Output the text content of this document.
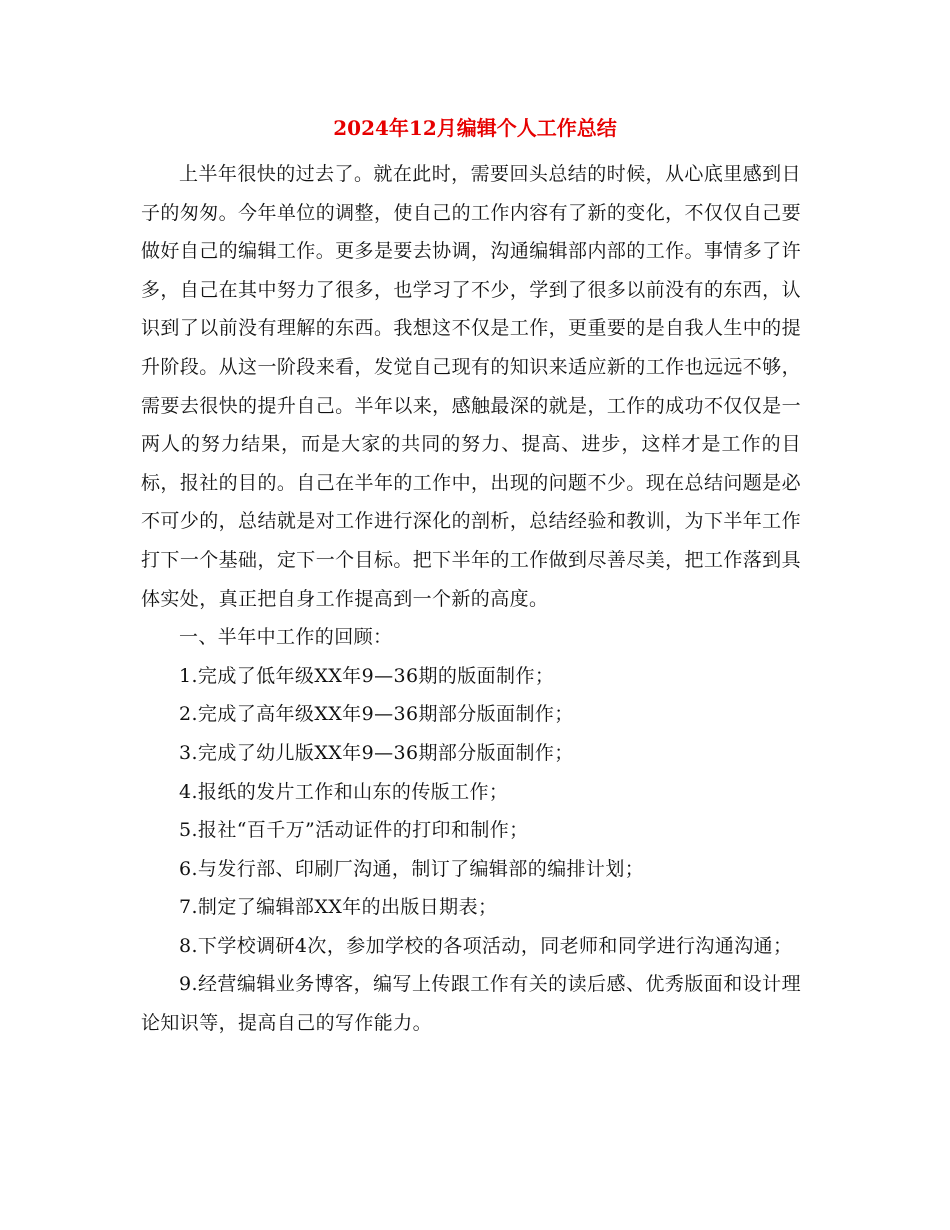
2024年12月编辑个人工作总结

上半年很快的过去了。就在此时，需要回头总结的时候，从心底里感到日子的匆匆。今年单位的调整，使自己的工作内容有了新的变化，不仅仅自己要做好自己的编辑工作。更多是要去协调，沟通编辑部内部的工作。事情多了许多，自己在其中努力了很多，也学习了不少，学到了很多以前没有的东西，认识到了以前没有理解的东西。我想这不仅是工作，更重要的是自我人生中的提升阶段。从这一阶段来看，发觉自己现有的知识来适应新的工作也远远不够，需要去很快的提升自己。半年以来，感触最深的就是，工作的成功不仅仅是一两人的努力结果，而是大家的共同的努力、提高、进步，这样才是工作的目标，报社的目的。自己在半年的工作中，出现的问题不少。现在总结问题是必不可少的，总结就是对工作进行深化的剖析，总结经验和教训，为下半年工作打下一个基础，定下一个目标。把下半年的工作做到尽善尽美，把工作落到具体实处，真正把自身工作提高到一个新的高度。

一、半年中工作的回顾：

1.完成了低年级XX年9—36期的版面制作；

2.完成了高年级XX年9—36期部分版面制作；

3.完成了幼儿版XX年9—36期部分版面制作；

4.报纸的发片工作和山东的传版工作；

5.报社“百千万”活动证件的打印和制作；

6.与发行部、印刷厂沟通，制订了编辑部的编排计划；

7.制定了编辑部XX年的出版日期表；

8.下学校调研4次，参加学校的各项活动，同老师和同学进行沟通沟通；

9.经营编辑业务博客，编写上传跟工作有关的读后感、优秀版面和设计理论知识等，提高自己的写作能力。
